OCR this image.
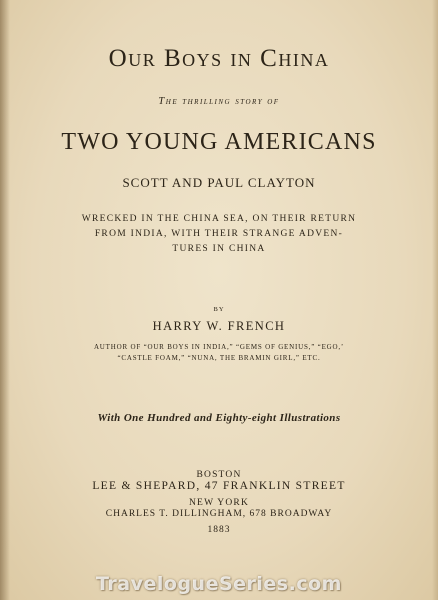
Our Boys in China
The thrilling story of
TWO YOUNG AMERICANS
SCOTT AND PAUL CLAYTON
WRECKED IN THE CHINA SEA, ON THEIR RETURN
FROM INDIA, WITH THEIR STRANGE ADVEN-
TURES IN CHINA
BY
HARRY W. FRENCH
AUTHOR OF “OUR BOYS IN INDIA,” “GEMS OF GENIUS,” “EGO,’
“CASTLE FOAM,” “NUNA, THE BRAMIN GIRL,” ETC.
With One Hundred and Eighty-eight Illustrations
BOSTON
LEE & SHEPARD, 47 FRANKLIN STREET
NEW YORK
CHARLES T. DILLINGHAM, 678 BROADWAY
1883
TravelogueSeries.com
